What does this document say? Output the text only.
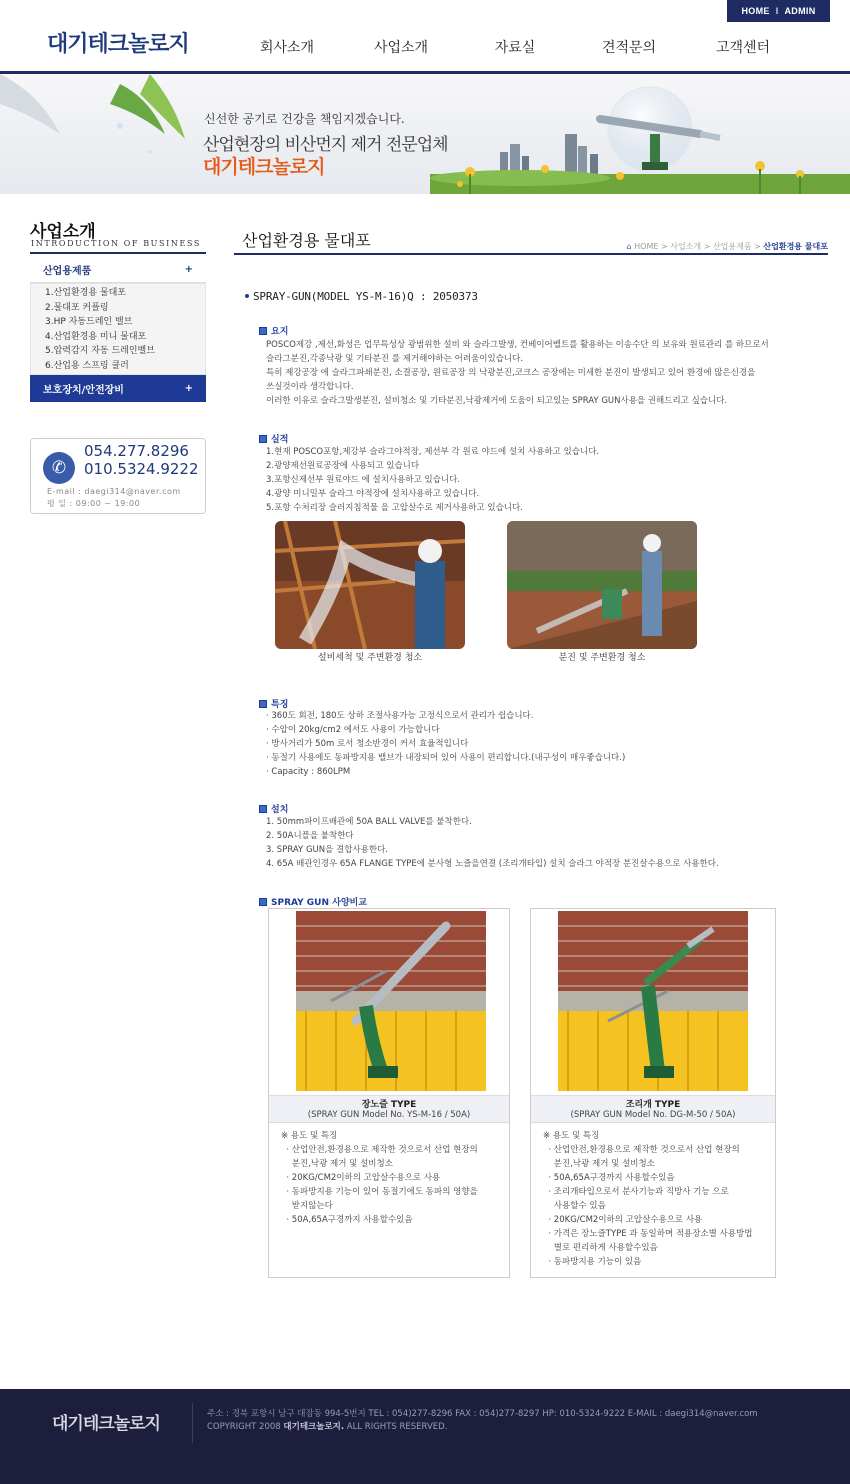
HOME I ADMIN
대기테크놀로지	회사소개	사업소개	자료실	견적문의	고객센터
신선한 공기로 건강을 책임지겠습니다.
산업현장의 비산먼지 제거 전문업체
대기테크놀로지
사업소개
INTRODUCTION OF BUSINESS
산업용제품	+
1.산업환경용 물대포
2.물대포 커플링
3.HP 자동드레인 밸브
4.산업환경용 미니 물대포
5.압력감지 자동 드레인벨브
6.산업용 스프링 쿨러
보호장치/안전장비	+
✆
054.277.8296
010.5324.9222
E-mail : daegi314@naver.com
평 일 : 09:00 ~ 19:00
산업환경용 물대포	⌂ HOME > 사업소개 > 산업용제품 > 산업환경용 물대포
SPRAY-GUN(MODEL YS-M-16)Q : 2050373
요지
POSCO제강 ,제선,화성은 업무특성상 광범위한 설비 와 슬라그발생, 컨베이어벨트를 활용하는 이송수단 의 보유와 원료관리 를 하므로서
슬라그분진,각종낙광 및 기타분진 를 제거해야하는 어려움이있습니다.
특히 제강공장 에 슬라그파쇄분진, 소결공장, 원료공장 의 낙광분진,코크스 공장에는 미세한 분진이 발생되고 있어 환경에 많은신경을
쓰실것이라 생각합니다.
이러한 이유로 슬라그발생분진, 설비청소 및 기타분진,낙광제거에 도움이 되고있는 SPRAY GUN사용을 권해드리고 싶습니다.
실적
1.현재 POSCO포항,제강부 슬라그야적장, 제선부 각 원료 야드에 설치 사용하고 있습니다.
2.광양제선원료공장에 사용되고 있습니다
3.포항신제선부 원료야드 에 설치사용하고 있습니다.
4.광양 미니밀부 슬라그 야적장에 설치사용하고 있습니다.
5.포항 수처리장 슬러지침적물 을 고압살수로 제거사용하고 있습니다.
설비세척 및 주변환경 청소	분진 및 주변환경 청소
특징
· 360도 회전, 180도 상하 조절사용가능 고정식으로서 관리가 쉽습니다.
· 수압이 20kg/cm2 에서도 사용이 가능합니다
· 방사거리가 50m 로서 청소반경이 커서 효율적입니다
· 동절기 사용에도 동파방지용 밸브가 내장되어 있어 사용이 편리합니다.(내구성이 매우좋습니다.)
· Capacity : 860LPM
설치
1. 50mm파이프배관에 50A BALL VALVE를 붙착한다.
2. 50A니플을 붙착한다
3. SPRAY GUN을 결합사용한다.
4. 65A 배관인경우 65A FLANGE TYPE에 분사형 노즐을연결 (조리개타입) 설치 슬라그 야적장 분진살수용으로 사용한다.
SPRAY GUN 사양비교
장노즐 TYPE
(SPRAY GUN Model No. YS-M-16 / 50A)
※ 용도 및 특징
· 산업안전,환경용으로 제작한 것으로서 산업 현장의
분진,낙광 제거 및 설비청소
· 20KG/CM2이하의 고압살수용으로 사용
· 동파방지용 기능이 있어 동절기에도 동파의 영향을
받지않는다
· 50A,65A구경까지 사용할수있음
조리개 TYPE
(SPRAY GUN Model No. DG-M-50 / 50A)
※ 용도 및 특징
· 산업안전,환경용으로 제작한 것으로서 산업 현장의
분진,낙광 제거 및 설비청소
· 50A,65A구경까지 사용할수있음
· 조리개타입으로서 분사기능과 직방사 기능 으로
사용할수 있음
· 20KG/CM2이하의 고압살수용으로 사용
· 가격은 장노즐TYPE 과 동일하며 적용장소별 사용방법
별로 편리하게 사용할수있음
· 동파방지용 기능이 있음
대기테크놀로지	주소 : 경북 포항시 남구 대잠동 994-5번지 TEL : 054)277-8296 FAX : 054)277-8297 HP: 010-5324-9222 E-MAIL : daegi314@naver.com
COPYRIGHT 2008 대기테크놀로지. ALL RIGHTS RESERVED.
